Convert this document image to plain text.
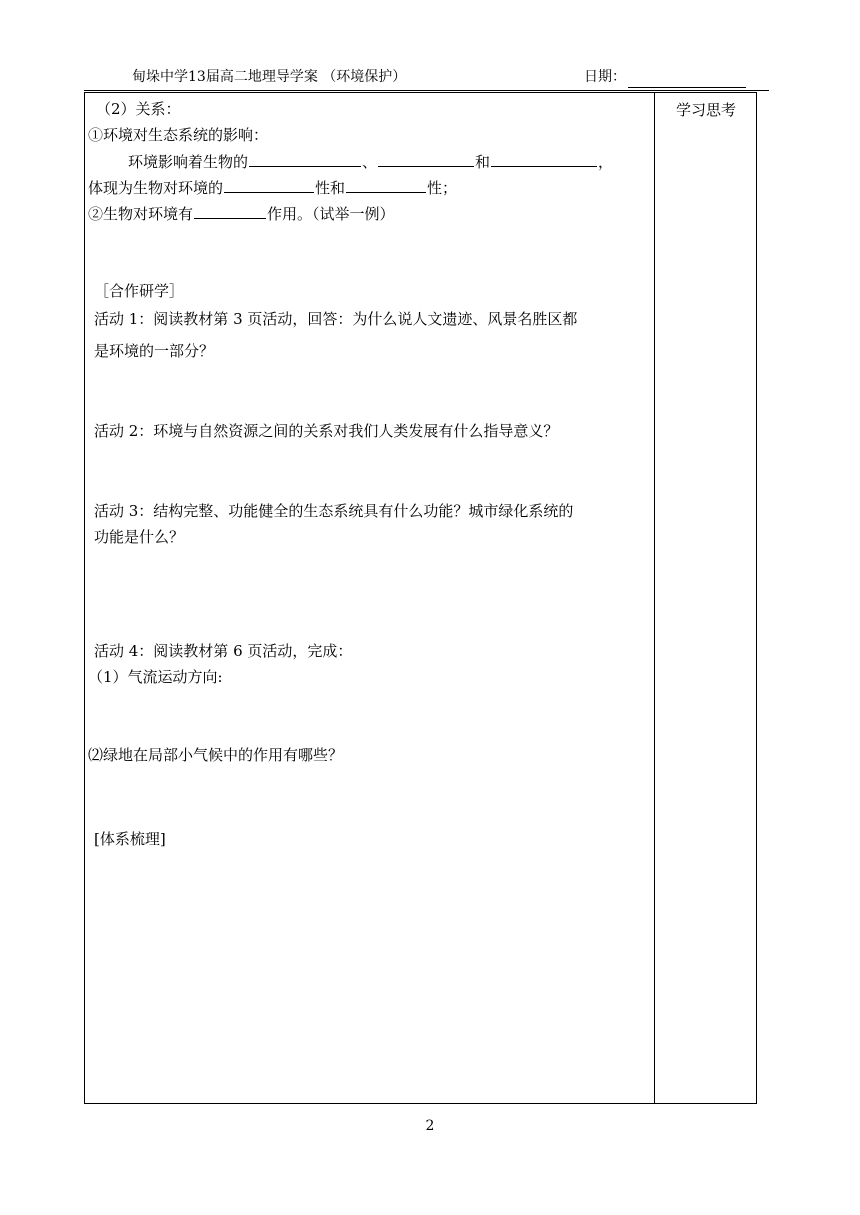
甸垛中学13届高二地理导学案 （环境保护）	日期：
学习思考
（2）关系：
①环境对生态系统的影响：
环境影响着生物的	、	和	，
体现为生物对环境的	性和	性；
②生物对环境有	作用。（试举一例）
［合作研学］
活动 1：阅读教材第 3 页活动，回答：为什么说人文遗迹、风景名胜区都
是环境的一部分？
活动 2：环境与自然资源之间的关系对我们人类发展有什么指导意义？
活动 3：结构完整、功能健全的生态系统具有什么功能？城市绿化系统的
功能是什么？
活动 4：阅读教材第 6 页活动，完成：
（1）气流运动方向:
⑵绿地在局部小气候中的作用有哪些？
[体系梳理]
2
